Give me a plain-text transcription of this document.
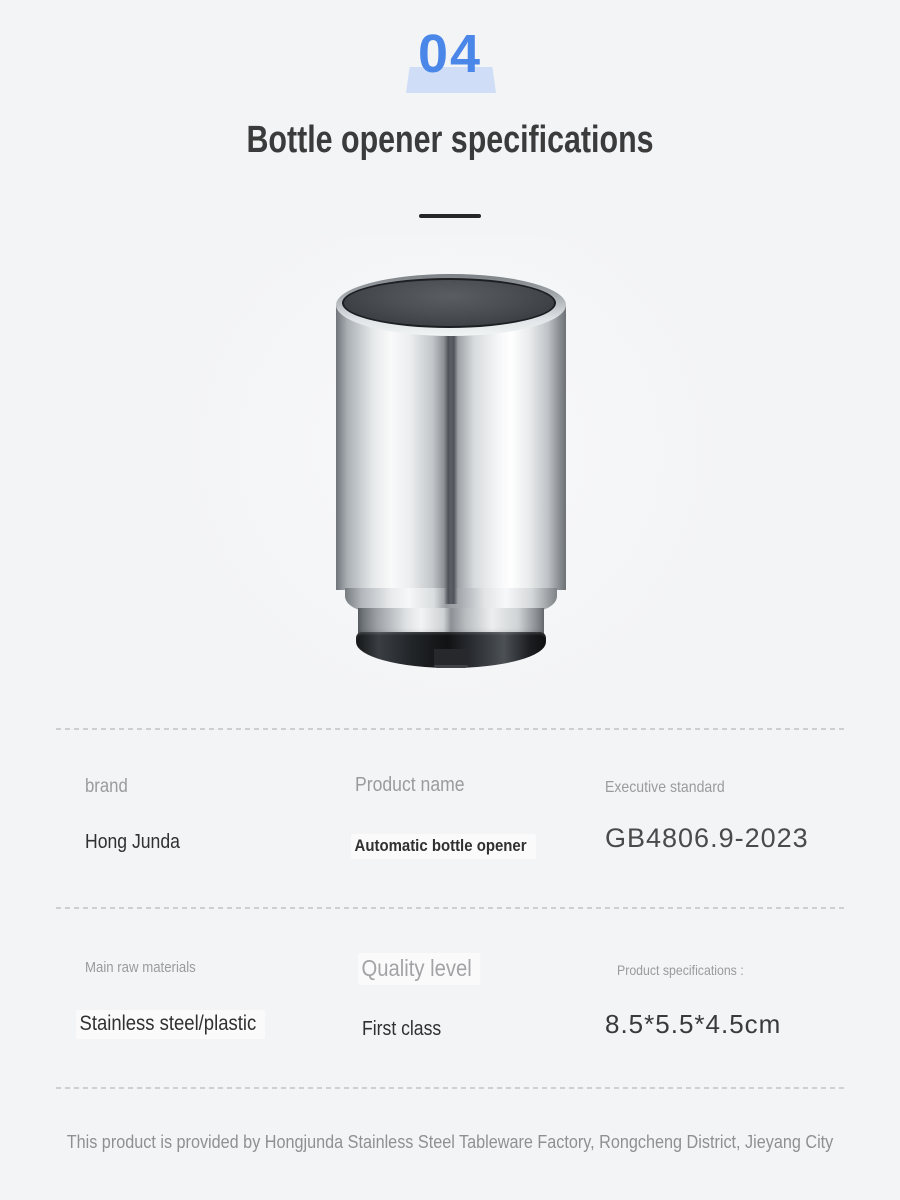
04
Bottle opener specifications
brand
Hong Junda
Product name
Automatic bottle opener
Executive standard
GB4806.9-2023
Main raw materials
Stainless steel/plastic
Quality level
First class
Product specifications :
8.5*5.5*4.5cm
This product is provided by Hongjunda Stainless Steel Tableware Factory, Rongcheng District, Jieyang City
